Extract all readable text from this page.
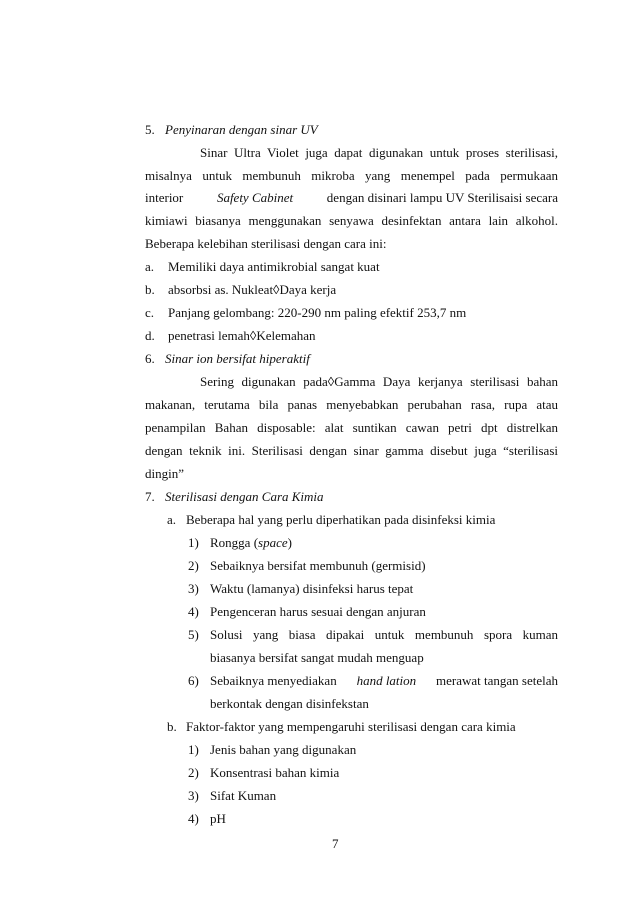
5. Penyinaran dengan sinar UV
Sinar Ultra Violet juga dapat digunakan untuk proses sterilisasi,
misalnya untuk membunuh mikroba yang menempel pada permukaan
interior	Safety Cabinet	dengan disinari lampu UV Sterilisaisi secara
kimiawi biasanya menggunakan senyawa desinfektan antara lain alkohol.
Beberapa kelebihan sterilisasi dengan cara ini:
a. Memiliki daya antimikrobial sangat kuat
b. absorbsi as. Nukleat◊Daya kerja
c. Panjang gelombang: 220-290 nm paling efektif 253,7 nm
d. penetrasi lemah◊Kelemahan
6. Sinar ion bersifat hiperaktif
Sering digunakan pada◊Gamma Daya kerjanya sterilisasi bahan
makanan, terutama bila panas menyebabkan perubahan rasa, rupa atau
penampilan Bahan disposable: alat suntikan cawan petri dpt distrelkan
dengan teknik ini. Sterilisasi dengan sinar gamma disebut juga “sterilisasi
dingin”
7. Sterilisasi dengan Cara Kimia
a. Beberapa hal yang perlu diperhatikan pada disinfeksi kimia
1) Rongga (space)
2) Sebaiknya bersifat membunuh (germisid)
3) Waktu (lamanya) disinfeksi harus tepat
4) Pengenceran harus sesuai dengan anjuran
5) Solusi yang biasa dipakai untuk membunuh spora kuman
biasanya bersifat sangat mudah menguap
6) Sebaiknya menyediakan hand lation merawat tangan setelah
berkontak dengan disinfekstan
b. Faktor-faktor yang mempengaruhi sterilisasi dengan cara kimia
1) Jenis bahan yang digunakan
2) Konsentrasi bahan kimia
3) Sifat Kuman
4) pH
7
